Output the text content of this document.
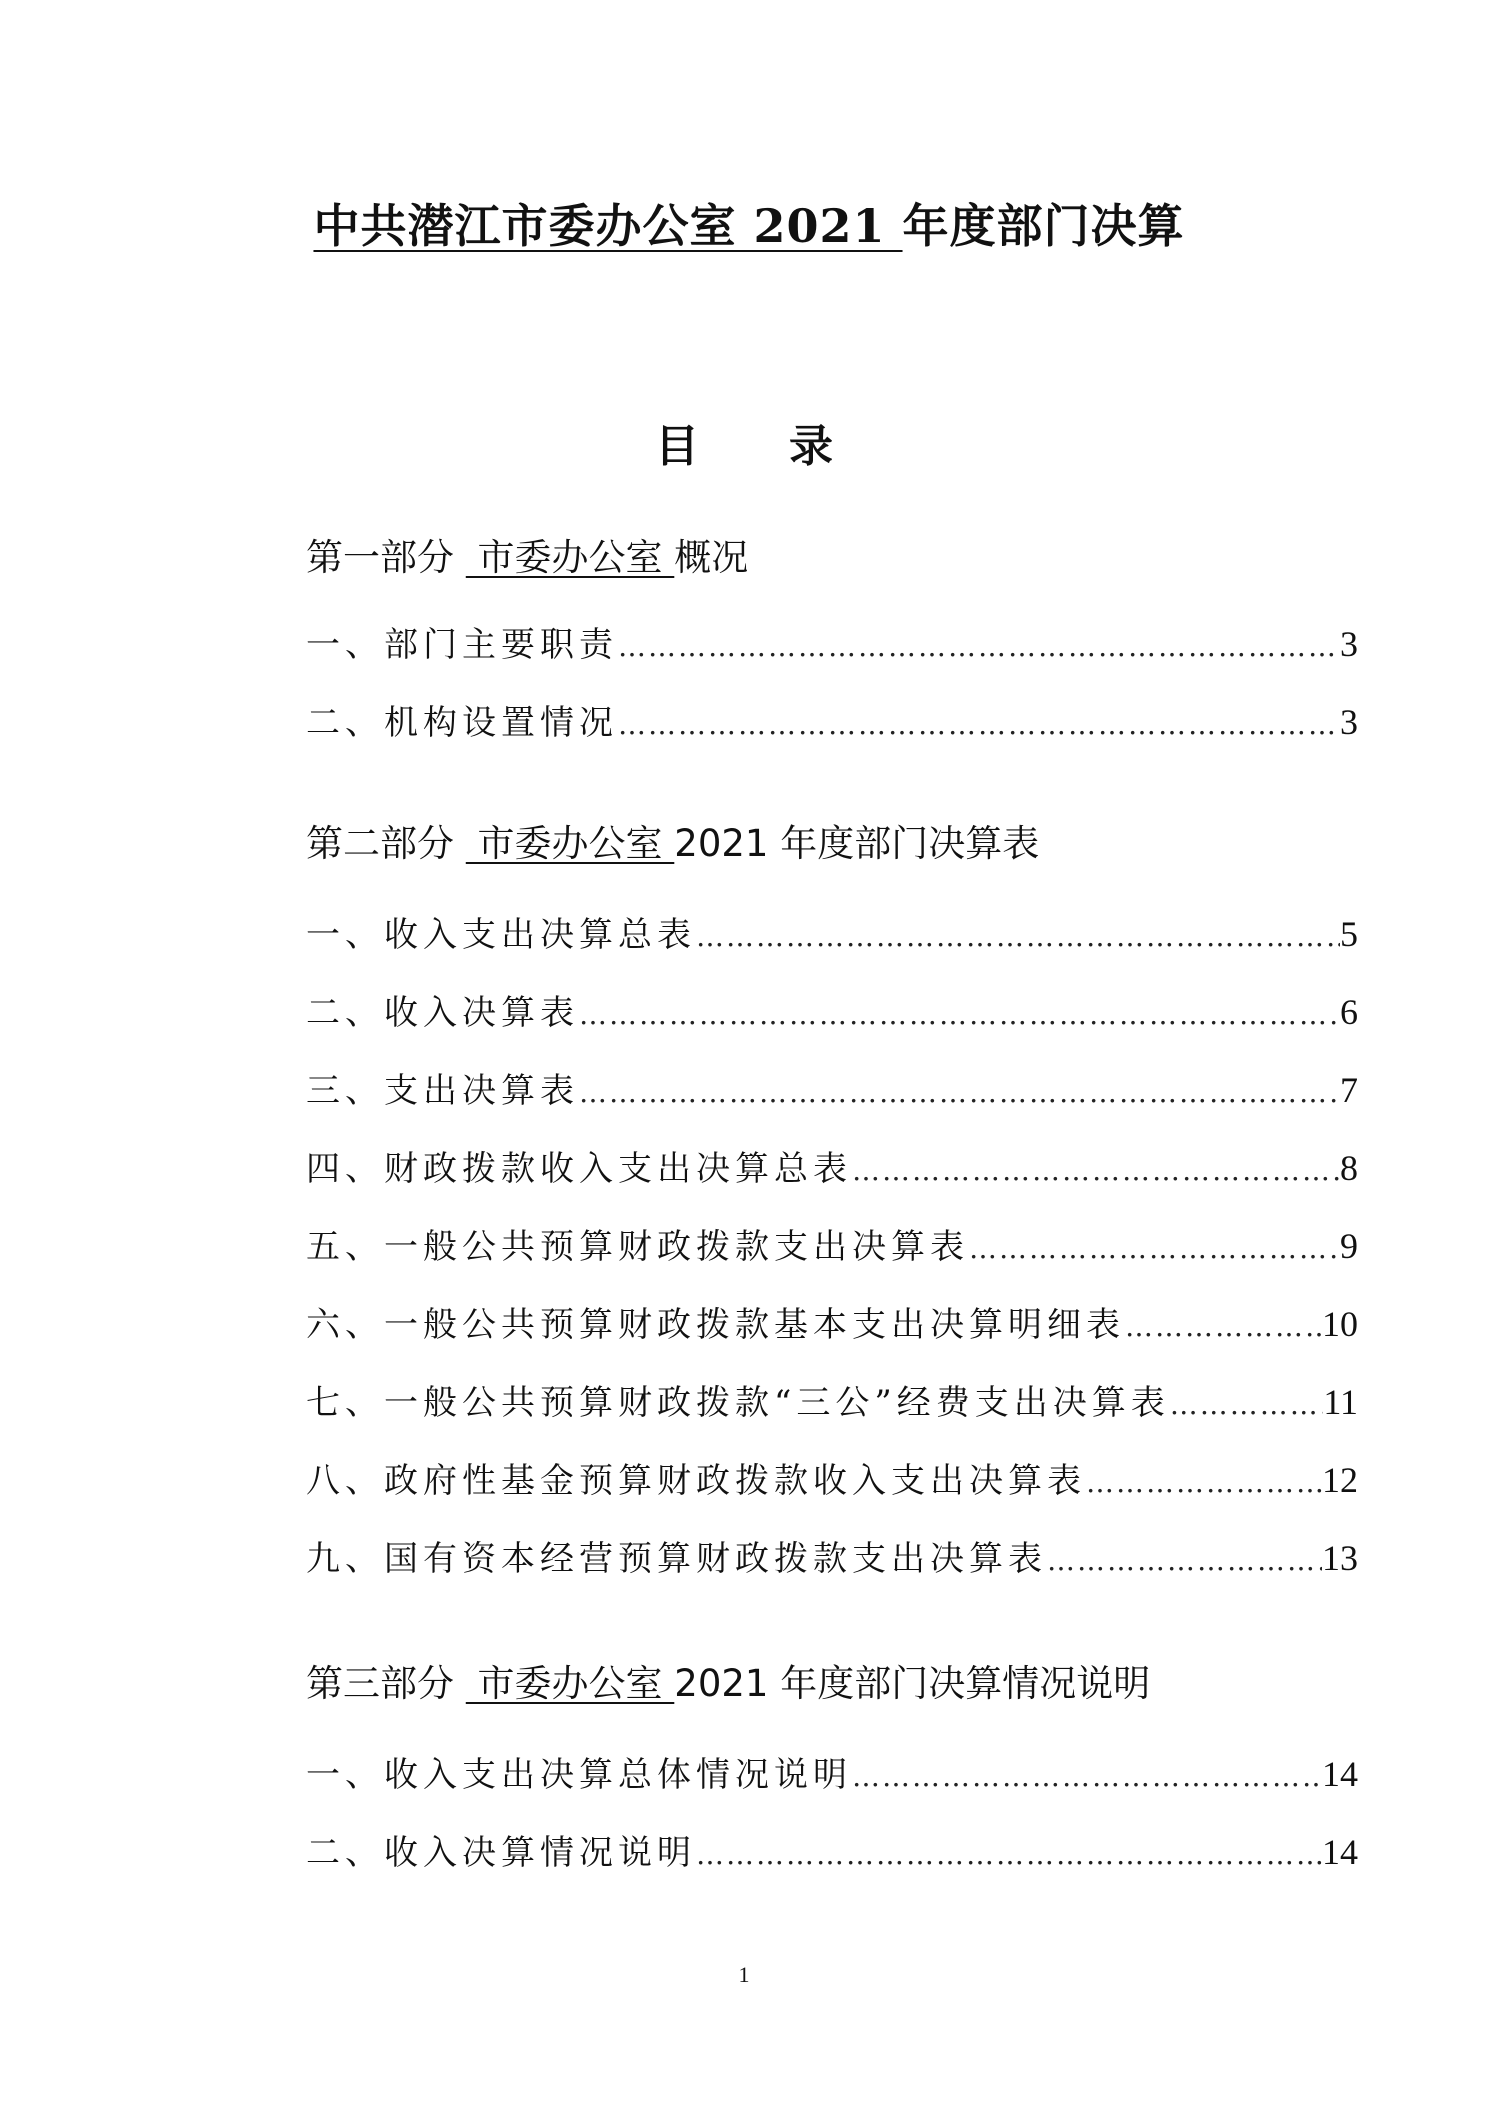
中共潜江市委办公室 2021 年度部门决算
目录
第一部分  市委办公室 概况
一、部门主要职责 …………………………………………………………………………………………………………………………………………	3
二、机构设置情况 …………………………………………………………………………………………………………………………………………	3
第二部分  市委办公室 2021 年度部门决算表
一、收入支出决算总表 …………………………………………………………………………………………………………………………………………	5
二、收入决算表 …………………………………………………………………………………………………………………………………………	6
三、支出决算表 …………………………………………………………………………………………………………………………………………	7
四、财政拨款收入支出决算总表 …………………………………………………………………………………………………………………………………………	8
五、一般公共预算财政拨款支出决算表 …………………………………………………………………………………………………………………………………………	9
六、一般公共预算财政拨款基本支出决算明细表 …………………………………………………………………………………………………………………………………………	10
七、一般公共预算财政拨款“三公”经费支出决算表 …………………………………………………………………………………………………………………………………………	11
八、政府性基金预算财政拨款收入支出决算表 …………………………………………………………………………………………………………………………………………	12
九、国有资本经营预算财政拨款支出决算表 …………………………………………………………………………………………………………………………………………	13
第三部分  市委办公室 2021 年度部门决算情况说明
一、收入支出决算总体情况说明 …………………………………………………………………………………………………………………………………………	14
二、收入决算情况说明 …………………………………………………………………………………………………………………………………………	14
1
